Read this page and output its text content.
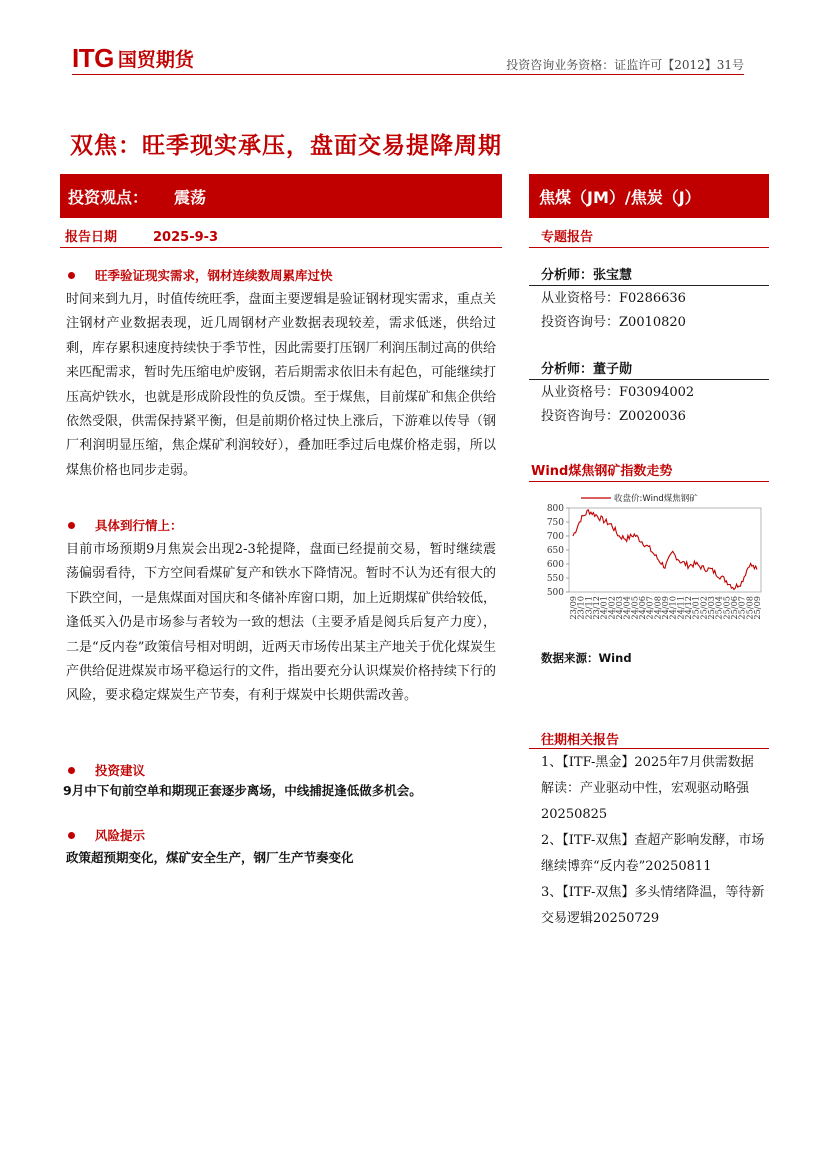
ITG 国贸期货	投资咨询业务资格：证监许可【2012】31号
双焦：旺季现实承压，盘面交易提降周期
投资观点： 震荡	焦煤（JM）/焦炭（J）
报告日期	2025-9-3	专题报告
旺季验证现实需求，钢材连续数周累库过快
时间来到九月，时值传统旺季，盘面主要逻辑是验证钢材现实需求，重点关注钢材产业数据表现，近几周钢材产业数据表现较差，需求低迷，供给过剩，库存累积速度持续快于季节性，因此需要打压钢厂利润压制过高的供给来匹配需求，暂时先压缩电炉废钢，若后期需求依旧未有起色，可能继续打压高炉铁水，也就是形成阶段性的负反馈。至于煤焦，目前煤矿和焦企供给依然受限，供需保持紧平衡，但是前期价格过快上涨后，下游难以传导（钢厂利润明显压缩，焦企煤矿利润较好），叠加旺季过后电煤价格走弱，所以煤焦价格也同步走弱。
具体到行情上：
目前市场预期9月焦炭会出现2-3轮提降，盘面已经提前交易，暂时继续震荡偏弱看待，下方空间看煤矿复产和铁水下降情况。暂时不认为还有很大的下跌空间，一是焦煤面对国庆和冬储补库窗口期，加上近期煤矿供给较低，逢低买入仍是市场参与者较为一致的想法（主要矛盾是阅兵后复产力度），二是“反内卷”政策信号相对明朗，近两天市场传出某主产地关于优化煤炭生产供给促进煤炭市场平稳运行的文件，指出要充分认识煤炭价格持续下行的风险，要求稳定煤炭生产节奏，有利于煤炭中长期供需改善。
投资建议
9月中下旬前空单和期现正套逐步离场，中线捕捉逢低做多机会。
风险提示
政策超预期变化，煤矿安全生产，钢厂生产节奏变化
分析师：张宝慧
从业资格号：F0286636
投资咨询号：Z0010820
分析师：董子勋
从业资格号：F03094002
投资咨询号：Z0020036
Wind煤焦钢矿指数走势
收盘价:Wind煤焦钢矿
500
550
600
650
700
750
800
23/09
23/10
23/11
23/12
24/01
24/02
24/03
24/04
24/05
24/06
24/07
24/08
24/09
24/10
24/11
24/12
25/01
25/02
25/03
25/04
25/05
25/06
25/07
25/08
25/09
数据来源：Wind
往期相关报告
1、【ITF-黑金】2025年7月供需数据解读：产业驱动中性，宏观驱动略强20250825
2、【ITF-双焦】查超产影响发酵，市场继续博弈“反内卷”20250811
3、【ITF-双焦】多头情绪降温，等待新交易逻辑20250729
